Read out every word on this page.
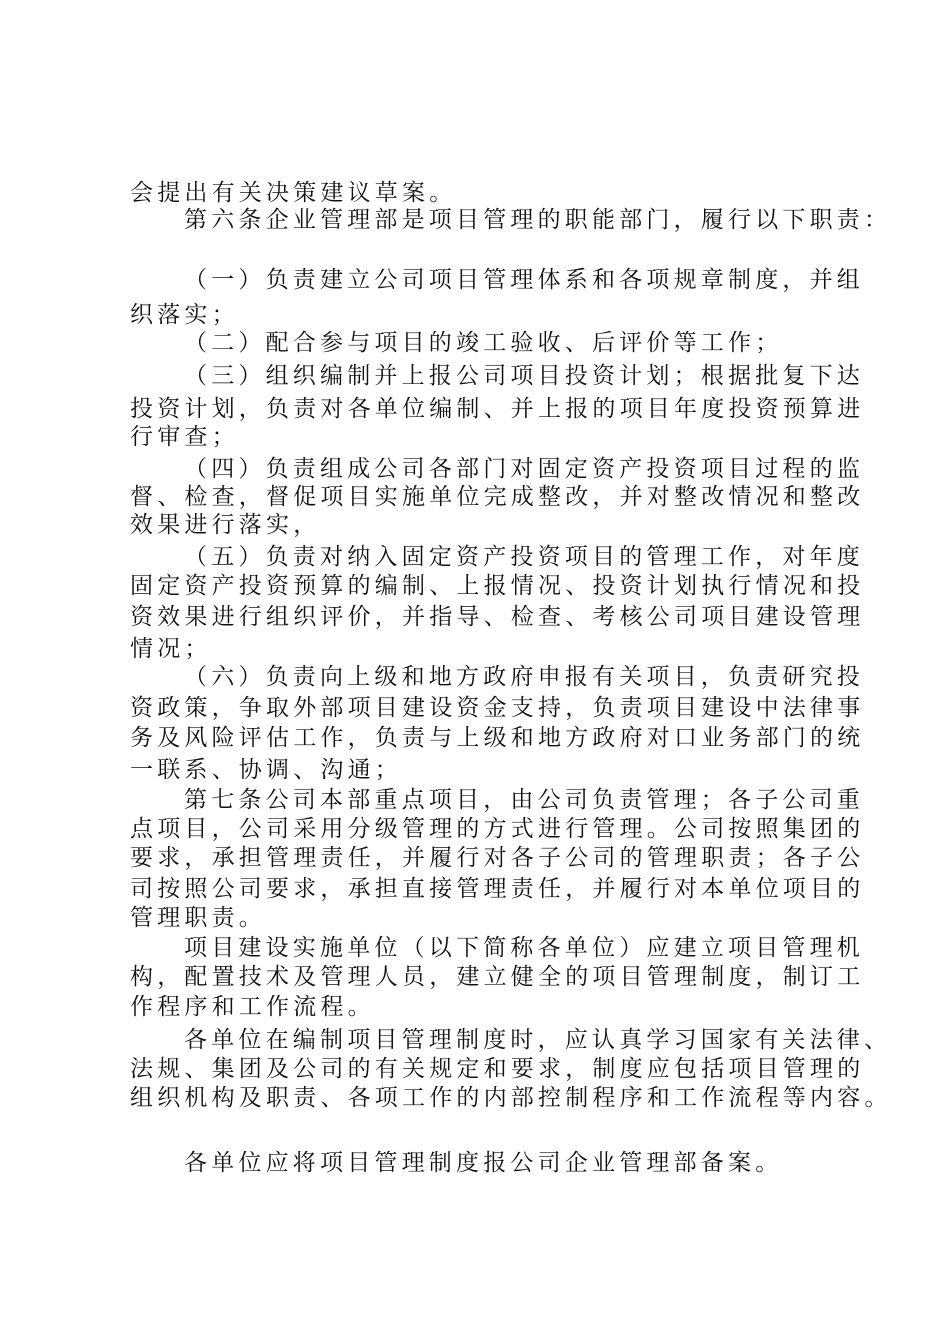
会提出有关决策建议草案。
第六条企业管理部是项目管理的职能部门，履行以下职责：
（一）负责建立公司项目管理体系和各项规章制度，并组
织落实；
（二）配合参与项目的竣工验收、后评价等工作；
（三）组织编制并上报公司项目投资计划；根据批复下达
投资计划，负责对各单位编制、并上报的项目年度投资预算进
行审查；
（四）负责组成公司各部门对固定资产投资项目过程的监
督、检查，督促项目实施单位完成整改，并对整改情况和整改
效果进行落实，
（五）负责对纳入固定资产投资项目的管理工作，对年度
固定资产投资预算的编制、上报情况、投资计划执行情况和投
资效果进行组织评价，并指导、检查、考核公司项目建设管理
情况；
（六）负责向上级和地方政府申报有关项目，负责研究投
资政策，争取外部项目建设资金支持，负责项目建设中法律事
务及风险评估工作，负责与上级和地方政府对口业务部门的统
一联系、协调、沟通；
第七条公司本部重点项目，由公司负责管理；各子公司重
点项目，公司采用分级管理的方式进行管理。公司按照集团的
要求，承担管理责任，并履行对各子公司的管理职责；各子公
司按照公司要求，承担直接管理责任，并履行对本单位项目的
管理职责。
项目建设实施单位（以下简称各单位）应建立项目管理机
构，配置技术及管理人员，建立健全的项目管理制度，制订工
作程序和工作流程。
各单位在编制项目管理制度时，应认真学习国家有关法律、
法规、集团及公司的有关规定和要求，制度应包括项目管理的
组织机构及职责、各项工作的内部控制程序和工作流程等内容。
各单位应将项目管理制度报公司企业管理部备案。
